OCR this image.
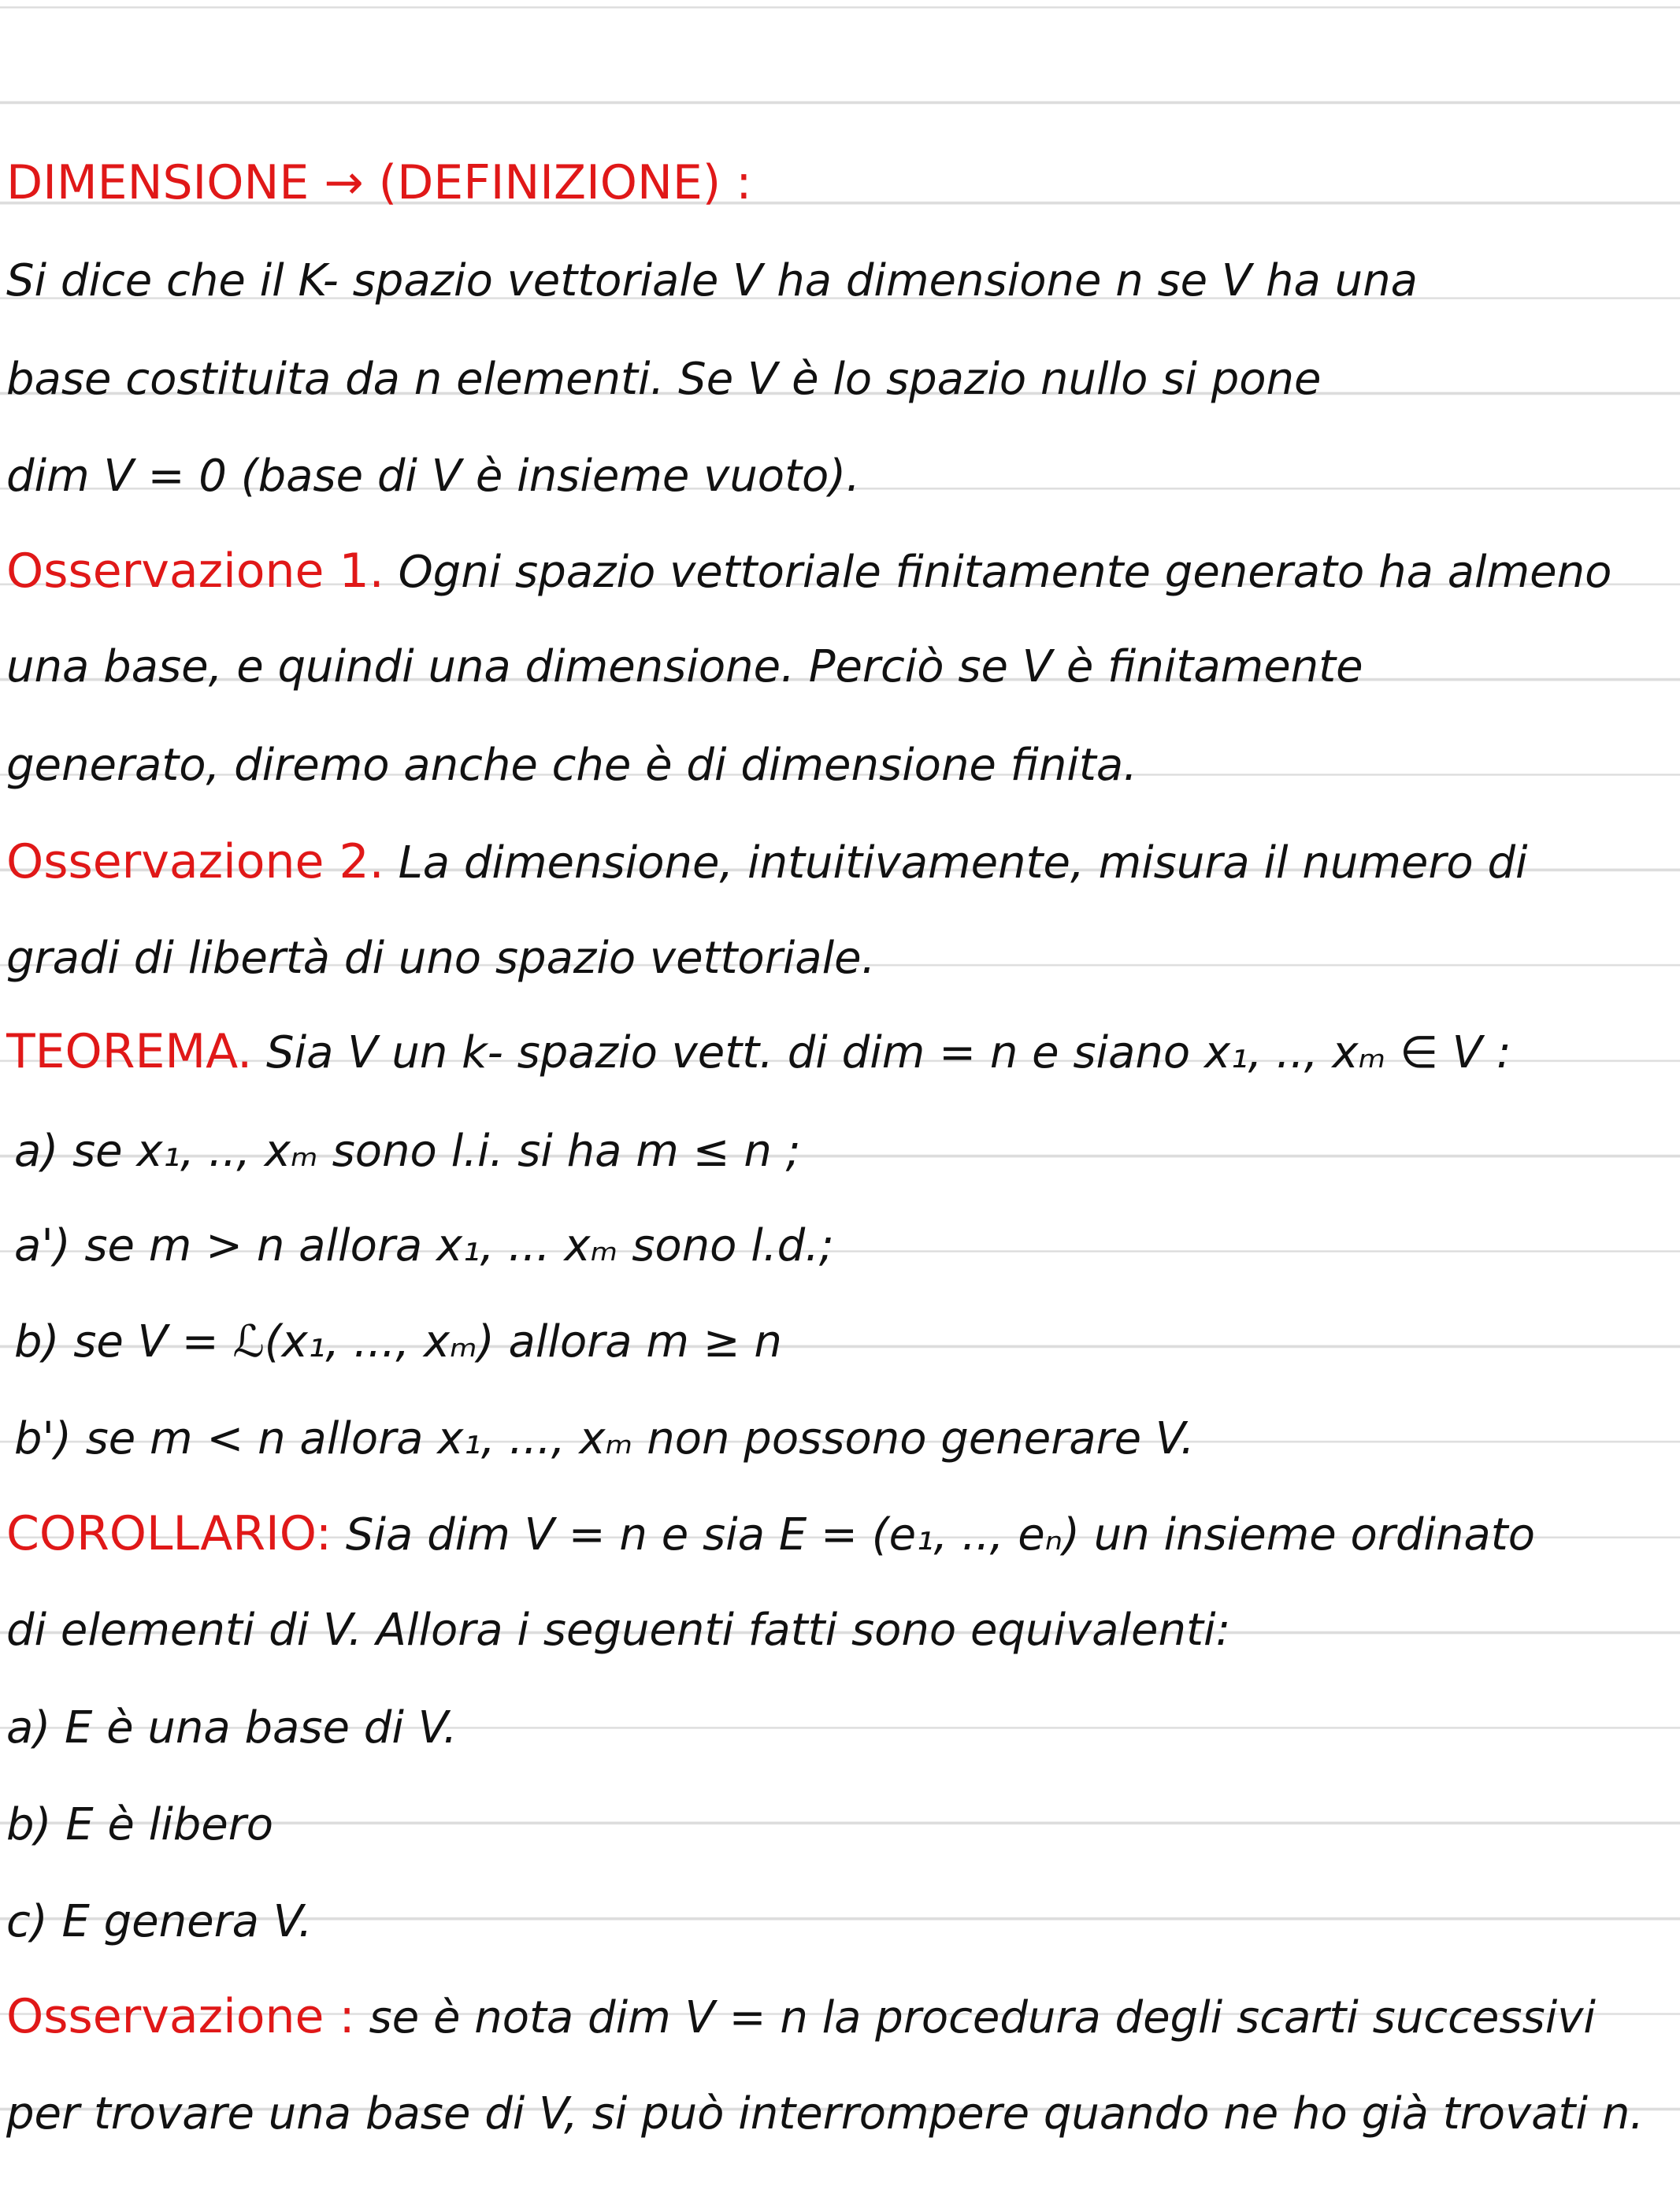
DIMENSIONE → (DEFINIZIONE) :
Si dice che il K- spazio vettoriale V ha dimensione n se V ha una
base costituita da n elementi. Se V è lo spazio nullo si pone
dim V = 0 (base di V è insieme vuoto).
Osservazione 1. Ogni spazio vettoriale finitamente generato ha almeno
una base, e quindi una dimensione. Perciò se V è finitamente
generato, diremo anche che è di dimensione finita.
Osservazione 2. La dimensione, intuitivamente, misura il numero di
gradi di libertà di uno spazio vettoriale.
TEOREMA. Sia V un k- spazio vett. di dim = n e siano x₁, .., xₘ ∈ V :
a) se x₁, .., xₘ sono l.i. si ha m ≤ n ;
a') se m > n allora x₁, ... xₘ sono l.d.;
b) se V = ℒ(x₁, ..., xₘ) allora m ≥ n
b') se m < n allora x₁, ..., xₘ non possono generare V.
COROLLARIO: Sia dim V = n e sia E = (e₁, .., eₙ) un insieme ordinato
di elementi di V. Allora i seguenti fatti sono equivalenti:
a) E è una base di V.
b) E è libero
c) E genera V.
Osservazione : se è nota dim V = n la procedura degli scarti successivi
per trovare una base di V, si può interrompere quando ne ho già trovati n.
